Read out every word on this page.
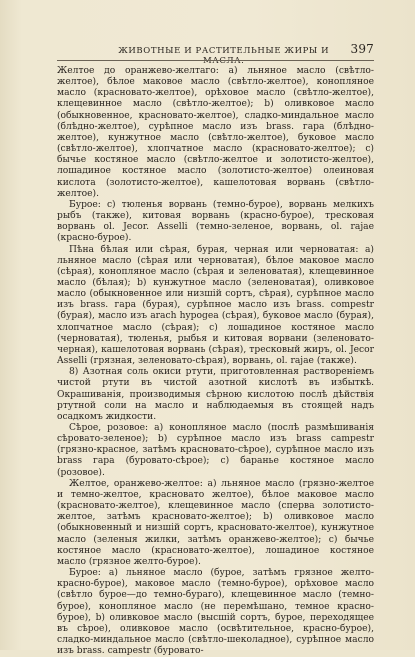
ЖИВОТНЫЕ И РАСТИТЕЛЬНЫЕ ЖИРЫ И МАСЛА.
397

Желтое до оранжево-желтаго: a) льняное масло (свѣтло-желтое), бѣлое маковое масло (свѣтло-желтое), конопляное масло (красновато-желтое), орѣховое масло (свѣтло-желтое), клещевинное масло (свѣтло-желтое); b) оливковое масло (обыкновенное, красновато-желтое), сладко-миндальное масло (блѣдно-желтое), сурѣпное масло изъ brass. гара (блѣдно-желтое), кунжутное масло (свѣтло-желтое), буковое масло (свѣтло-желтое), хлопчатное масло (красновато-желтое); c) бычье костяное масло (свѣтло-желтое и золотисто-желтое), лошадиное костяное масло (золотисто-желтое) олеиновая кислота (золотисто-желтое), кашелотовая ворвань (свѣтло-желтое).

Бурое: c) тюленья ворвань (темно-бурое), ворвань мелкихъ рыбъ (также), китовая ворвань (красно-бурое), тресковая ворвань ol. Jecor. Asselli (темно-зеленое, ворвань, ol. rajae (красно-бурое).

Пѣна бѣлая или сѣрая, бурая, черная или черноватая: a) льняное масло (сѣрая или черноватая), бѣлое маковое масло (сѣрая), конопляное масло (сѣрая и зеленоватая), клещевинное масло (бѣлая); b) кунжутное масло (зеленоватая), оливковое масло (обыкновенное или низшій сортъ, сѣрая), сурѣпное масло изъ brass. гара (бурая), сурѣпное масло изъ brass. compestr (бурая), масло изъ arach hypogea (сѣрая), буковое масло (бурая), хлопчатное масло (сѣрая); c) лошадиное костяное масло (черноватая), тюленья, рыбья и китовая ворвани (зеленовато-черная), кашелотовая ворвань (сѣрая), тресковый жиръ, ol. Jecor Asselli (грязная, зеленовато-сѣрая), ворвань, ol. rajae (также).

8) Азотная соль окиси ртути, приготовленная раствореніемъ чистой ртути въ чистой азотной кислотѣ въ избыткѣ. Окрашиванія, производимыя сѣрною кислотою послѣ дѣйствія ртутной соли на масло и наблюдаемыя въ стоящей надъ осадкомъ жидкости.

Сѣрое, розовое: a) конопляное масло (послѣ размѣшиванія сѣровато-зеленое); b) сурѣпное масло изъ brass campestr (грязно-красное, затѣмъ красновато-сѣрое), сурѣпное масло изъ brass гара (буровато-сѣрое); c) бараньe костяное масло (розовое).

Желтое, оранжево-желтое: a) льняное масло (грязно-желтое и темно-желтое, красновато желтое), бѣлое маковое масло (красновато-желтое), клещевинное масло (сперва золотисто-желтое, затѣмъ красновато-желтое); b) оливковое масло (обыкновенный и низшій сортъ, красновато-желтое), кунжутное масло (зеленыя жилки, затѣмъ оранжево-желтое); c) бычье костяное масло (красновато-желтое), лошадиное костяное масло (грязное желто-бурое).

Бурое: a) льняное масло (бурое, затѣмъ грязное желто-красно-бурое), маковое масло (темно-бурое), орѣховое масло (свѣтло бурое—до темно-бураго), клещевинное масло (темно-бурое), конопляное масло (не перемѣшано, темное красно-бурое), b) оливковое масло (высшій сортъ, бурое, переходящее въ сѣрое), оливковое масло (освѣтительное, красно-бурое), сладко-миндальное масло (свѣтло-шеколадное), сурѣпное масло изъ brass. campestr (буровато-
